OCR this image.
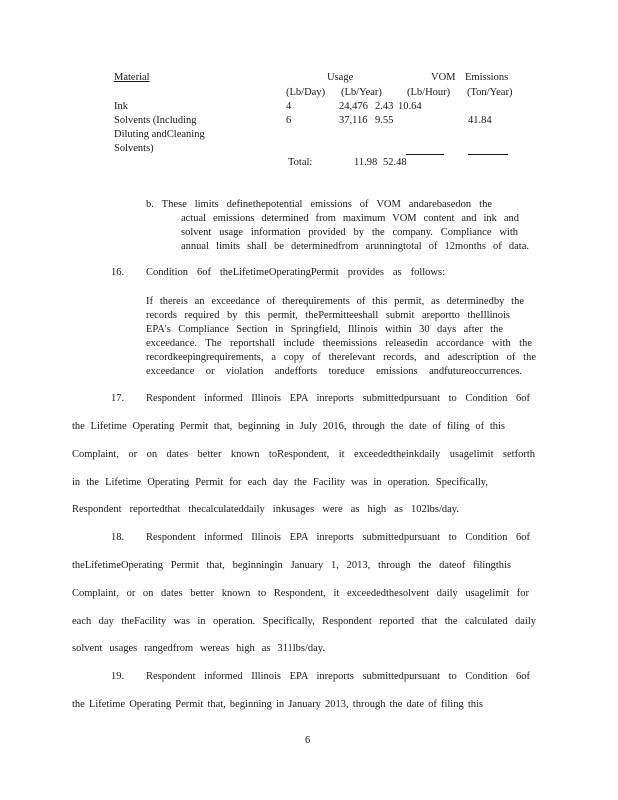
Material	Usage	VOM Emissions
(Lb/Day) (Lb/Year) (Lb/Hour) (Ton/Year)
Ink	4	24,476 2.43 10.64
Solvents (Including	6	37,116 9.55	41.84
Diluting andCleaning
Solvents)
Total:	11.98 52.48
b. These limits definethepotential emissions of VOM andarebasedon the
actual emissions determined from maximum VOM content and ink and
solvent usage information provided by the company. Compliance with
annual limits shall be determinedfrom arunningtotal of 12months of data.
16. Condition 6of theLifetimeOperatingPermit provides as follows:
If thereis an exceedance of therequirements of this permit, as determinedby the
records required by this permit, thePermitteeshall submit areportto theIllinois
EPA's Compliance Section in Springfield, Illinois within 30 days after the
exceedance. The reportshall include theemissions releasedin accordance with the
recordkeepingrequirements, a copy of therelevant records, and adescription of the
exceedance or violation andefforts toreduce emissions andfutureoccurrences.
17. Respondent informed Illinois EPA inreports submittedpursuant to Condition 6of
the Lifetime Operating Permit that, beginning in July 2016, through the date of filing of this
Complaint, or on dates better known toRespondent, it exceededtheinkdaily usagelimit setforth
in the Lifetime Operating Permit for each day the Facility was in operation. Specifically,
Respondent reportedthat thecalculateddaily inkusages were as high as 102lbs/day.
18. Respondent informed Illinois EPA inreports submittedpursuant to Condition 6of
theLifetimeOperating Permit that, beginningin January 1, 2013, through the dateof filingthis
Complaint, or on dates better known to Respondent, it exceededthesolvent daily usagelimit for
each day theFacility was in operation. Specifically, Respondent reported that the calculated daily
solvent usages rangedfrom wereas high as 311lbs/day.
19. Respondent informed Illinois EPA inreports submittedpursuant to Condition 6of
the Lifetime Operating Permit that, beginning in January 2013, through the date of filing this
6
